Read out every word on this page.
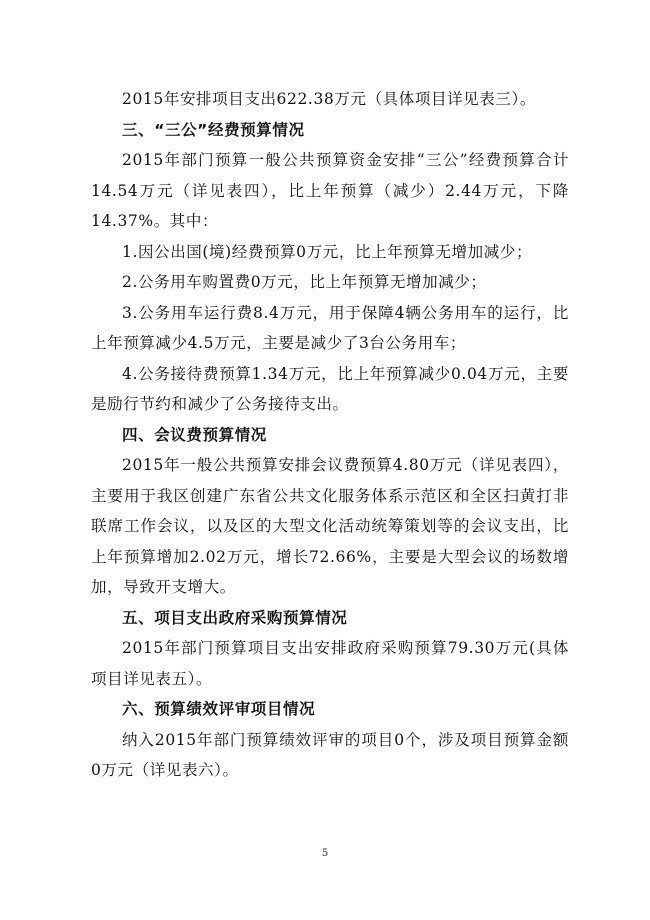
2015年安排项目支出622.38万元（具体项目详见表三）。

三、“三公”经费预算情况

2015年部门预算一般公共预算资金安排“三公”经费预算合计14.54万元（详见表四），比上年预算（减少）2.44万元，下降14.37%。其中：

1.因公出国(境)经费预算0万元，比上年预算无增加减少；

2.公务用车购置费0万元，比上年预算无增加减少；

3.公务用车运行费8.4万元，用于保障4辆公务用车的运行，比上年预算减少4.5万元，主要是减少了3台公务用车；

4.公务接待费预算1.34万元，比上年预算减少0.04万元，主要是励行节约和减少了公务接待支出。

四、会议费预算情况

2015年一般公共预算安排会议费预算4.80万元（详见表四），主要用于我区创建广东省公共文化服务体系示范区和全区扫黄打非联席工作会议，以及区的大型文化活动统筹策划等的会议支出，比上年预算增加2.02万元，增长72.66%，主要是大型会议的场数增加，导致开支增大。

五、项目支出政府采购预算情况

2015年部门预算项目支出安排政府采购预算79.30万元(具体项目详见表五）。

六、预算绩效评审项目情况

纳入2015年部门预算绩效评审的项目0个，涉及项目预算金额0万元（详见表六）。

5
